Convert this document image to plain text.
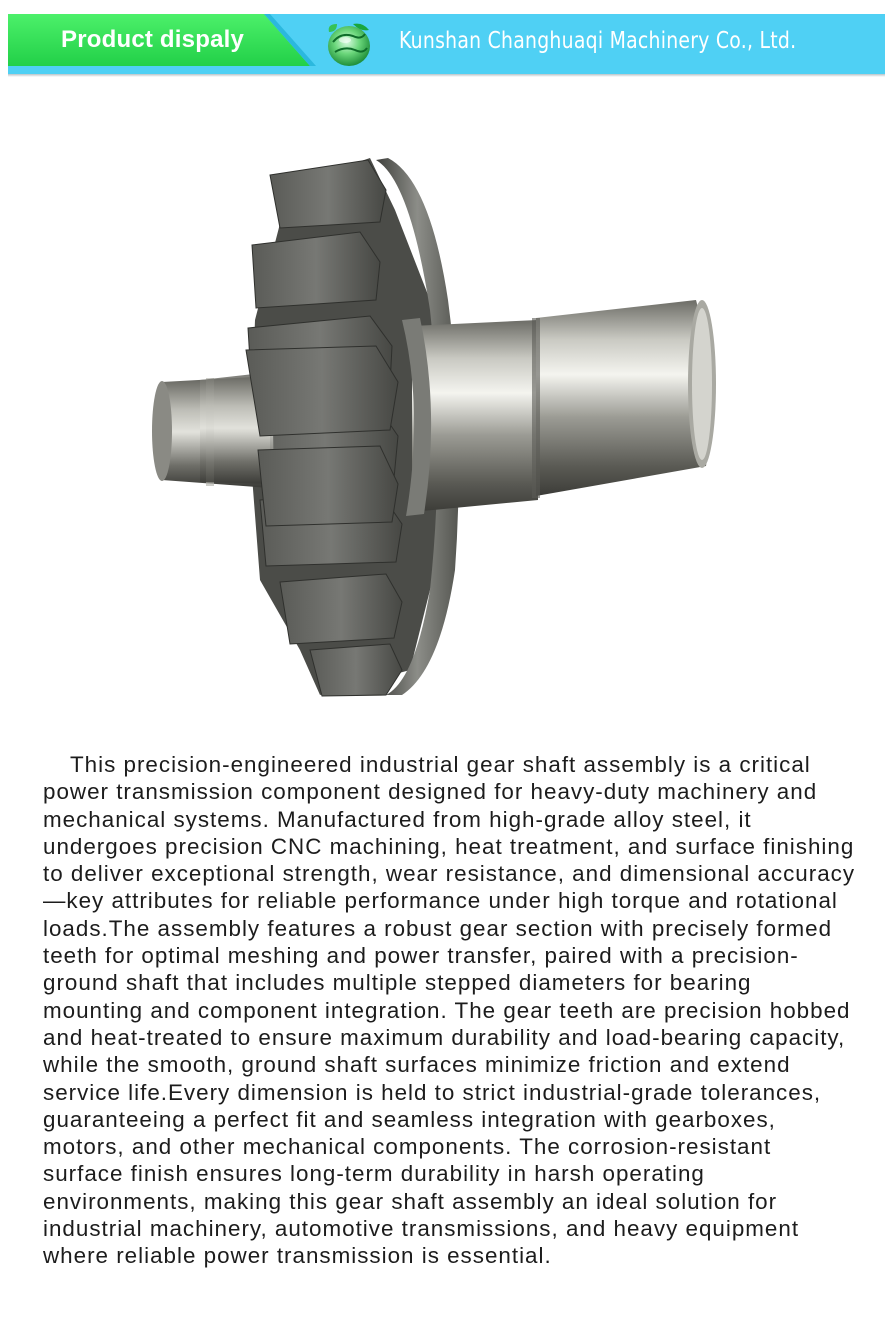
Product dispaly	Kunshan Changhuaqi Machinery Co., Ltd.

This precision-engineered industrial gear shaft assembly is a critical power transmission component designed for heavy-duty machinery and mechanical systems. Manufactured from high-grade alloy steel, it undergoes precision CNC machining, heat treatment, and surface finishing to deliver exceptional strength, wear resistance, and dimensional accuracy—key attributes for reliable performance under high torque and rotational loads.The assembly features a robust gear section with precisely formed teeth for optimal meshing and power transfer, paired with a precision-ground shaft that includes multiple stepped diameters for bearing mounting and component integration. The gear teeth are precision hobbed and heat-treated to ensure maximum durability and load-bearing capacity, while the smooth, ground shaft surfaces minimize friction and extend service life.Every dimension is held to strict industrial-grade tolerances, guaranteeing a perfect fit and seamless integration with gearboxes, motors, and other mechanical components. The corrosion-resistant surface finish ensures long-term durability in harsh operating environments, making this gear shaft assembly an ideal solution for industrial machinery, automotive transmissions, and heavy equipment where reliable power transmission is essential.
